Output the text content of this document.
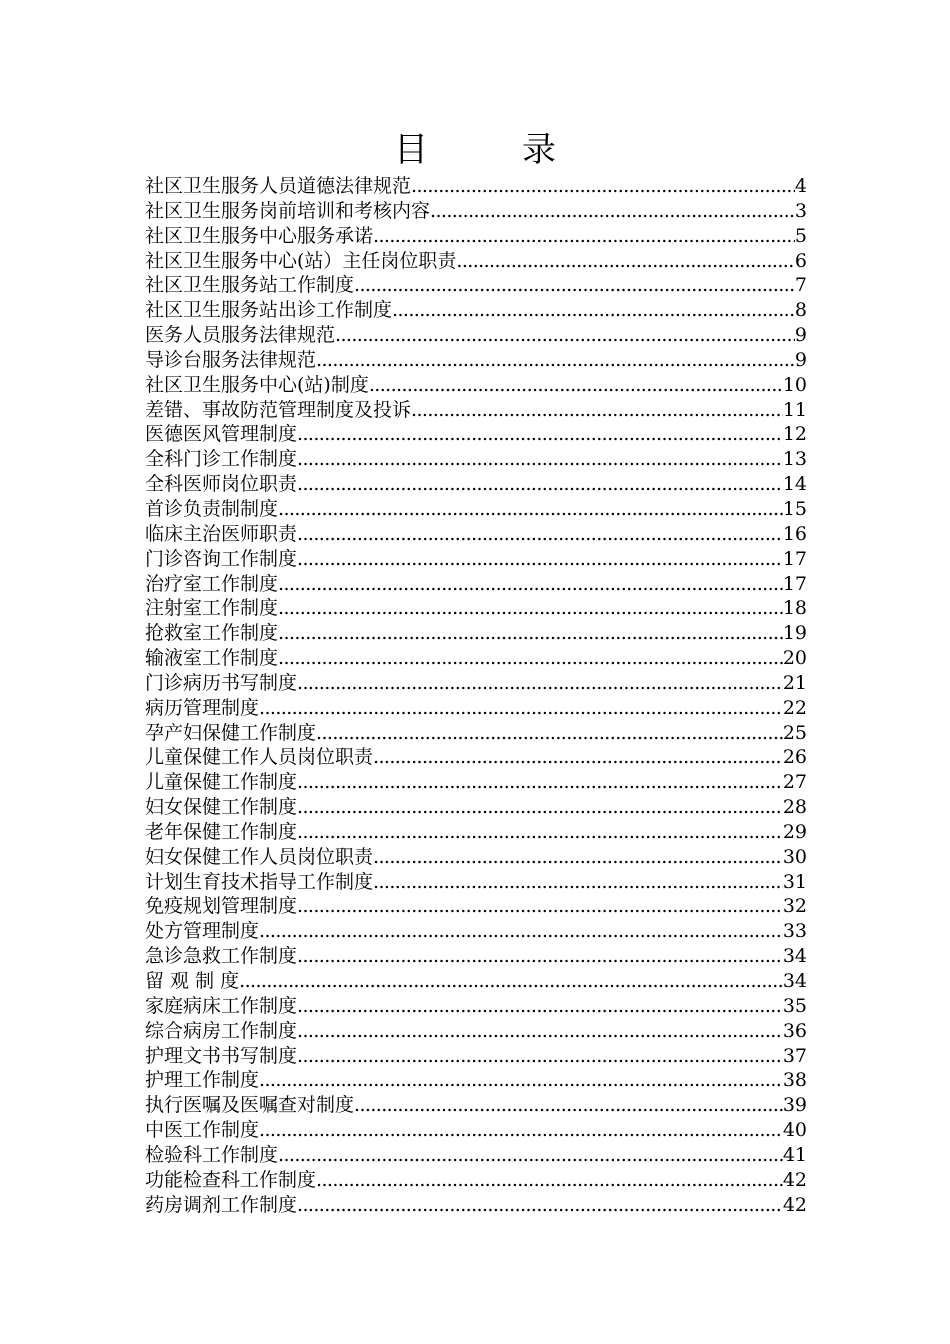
目　录
社区卫生服务人员道德法律规范 .....	4
社区卫生服务岗前培训和考核内容 .....	3
社区卫生服务中心服务承诺 .....	5
社区卫生服务中心(站）主任岗位职责 .....	6
社区卫生服务站工作制度 .....	7
社区卫生服务站出诊工作制度 .....	8
医务人员服务法律规范 .....	9
导诊台服务法律规范 .....	9
社区卫生服务中心(站)制度 .....	10
差错、事故防范管理制度及投诉 .....	11
医德医风管理制度 .....	12
全科门诊工作制度 .....	13
全科医师岗位职责 .....	14
首诊负责制制度 .....	15
临床主治医师职责 .....	16
门诊咨询工作制度 .....	17
治疗室工作制度 .....	17
注射室工作制度 .....	18
抢救室工作制度 .....	19
输液室工作制度 .....	20
门诊病历书写制度 .....	21
病历管理制度 .....	22
孕产妇保健工作制度 .....	25
儿童保健工作人员岗位职责 .....	26
儿童保健工作制度 .....	27
妇女保健工作制度 .....	28
老年保健工作制度 .....	29
妇女保健工作人员岗位职责 .....	30
计划生育技术指导工作制度 .....	31
免疫规划管理制度 .....	32
处方管理制度 .....	33
急诊急救工作制度 .....	34
留 观 制 度 .....	34
家庭病床工作制度 .....	35
综合病房工作制度 .....	36
护理文书书写制度 .....	37
护理工作制度 .....	38
执行医嘱及医嘱查对制度 .....	39
中医工作制度 .....	40
检验科工作制度 .....	41
功能检查科工作制度 .....	42
药房调剂工作制度 .....	42
